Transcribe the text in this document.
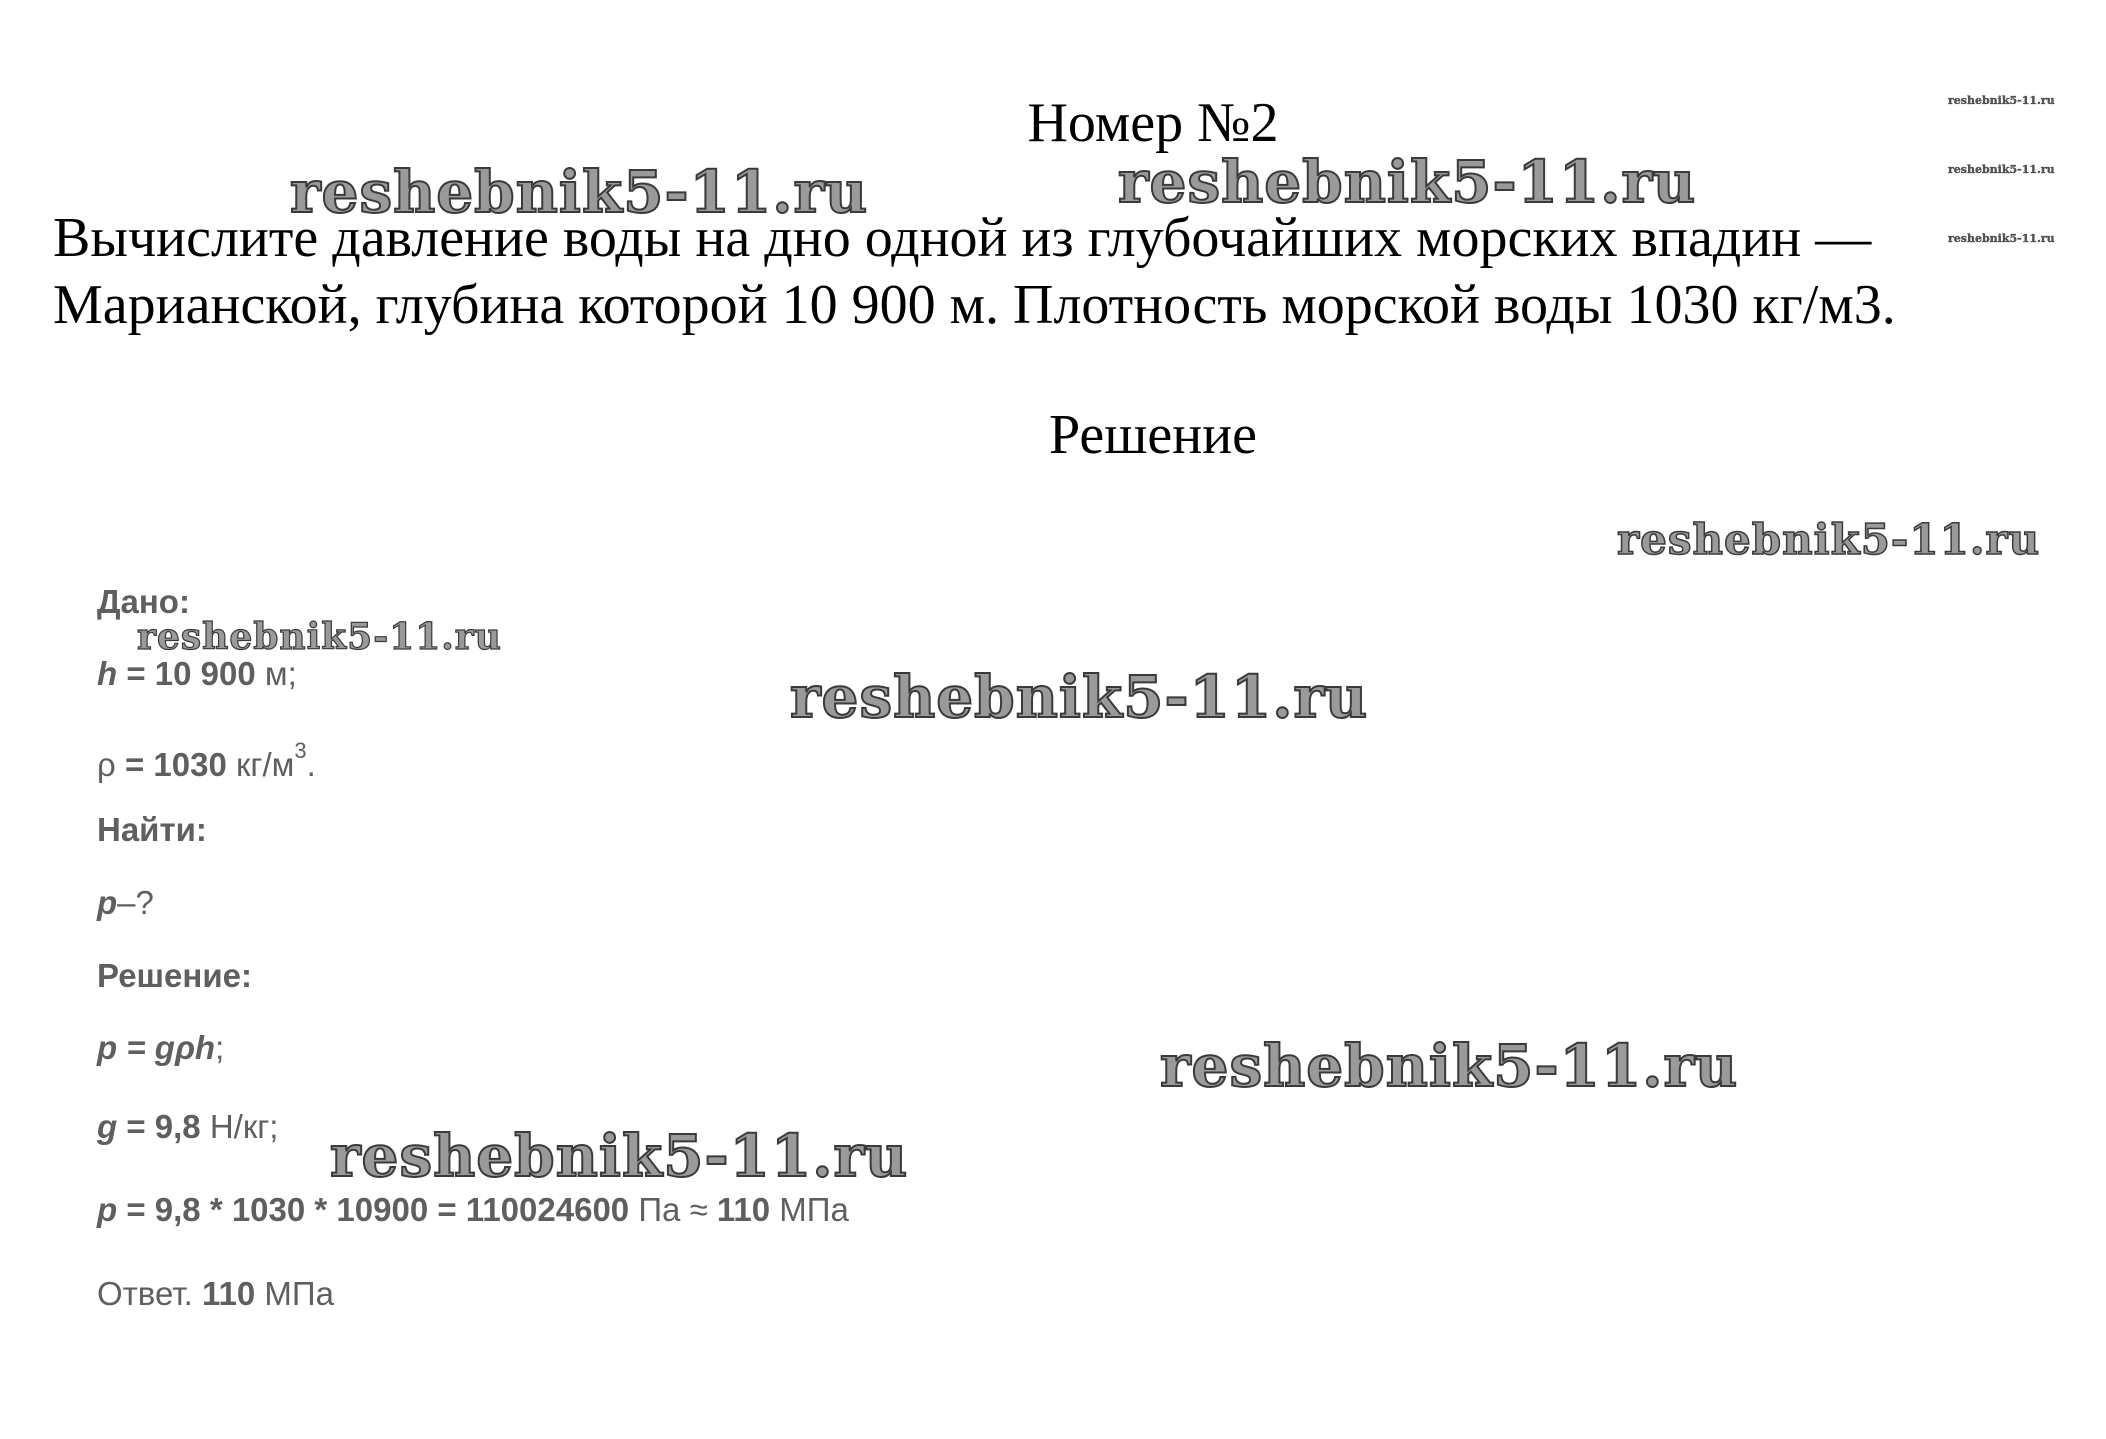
Номер №2
Вычислите давление воды на дно одной из глубочайших морских впадин —
Марианской, глубина которой 10 900 м. Плотность морской воды 1030 кг/м3.
Решение
Дано:
h = 10 900 м;
ρ = 1030 $кг/м^3$.
Найти:
p–?
Решение:
p = gρh;
g = 9,8 Н/кг;
p = 9,8 * 1030 * 10900 = 110024600 Па ≈ 110 МПа
Ответ. 110 МПа
reshebnik5-11.ru	reshebnik5-11.ru
reshebnik5-11.ru
reshebnik5-11.ru
reshebnik5-11.ru
reshebnik5-11.ru
reshebnik5-11.ru
reshebnik5-11.ru
reshebnik5-11.ru
reshebnik5-11.ru
